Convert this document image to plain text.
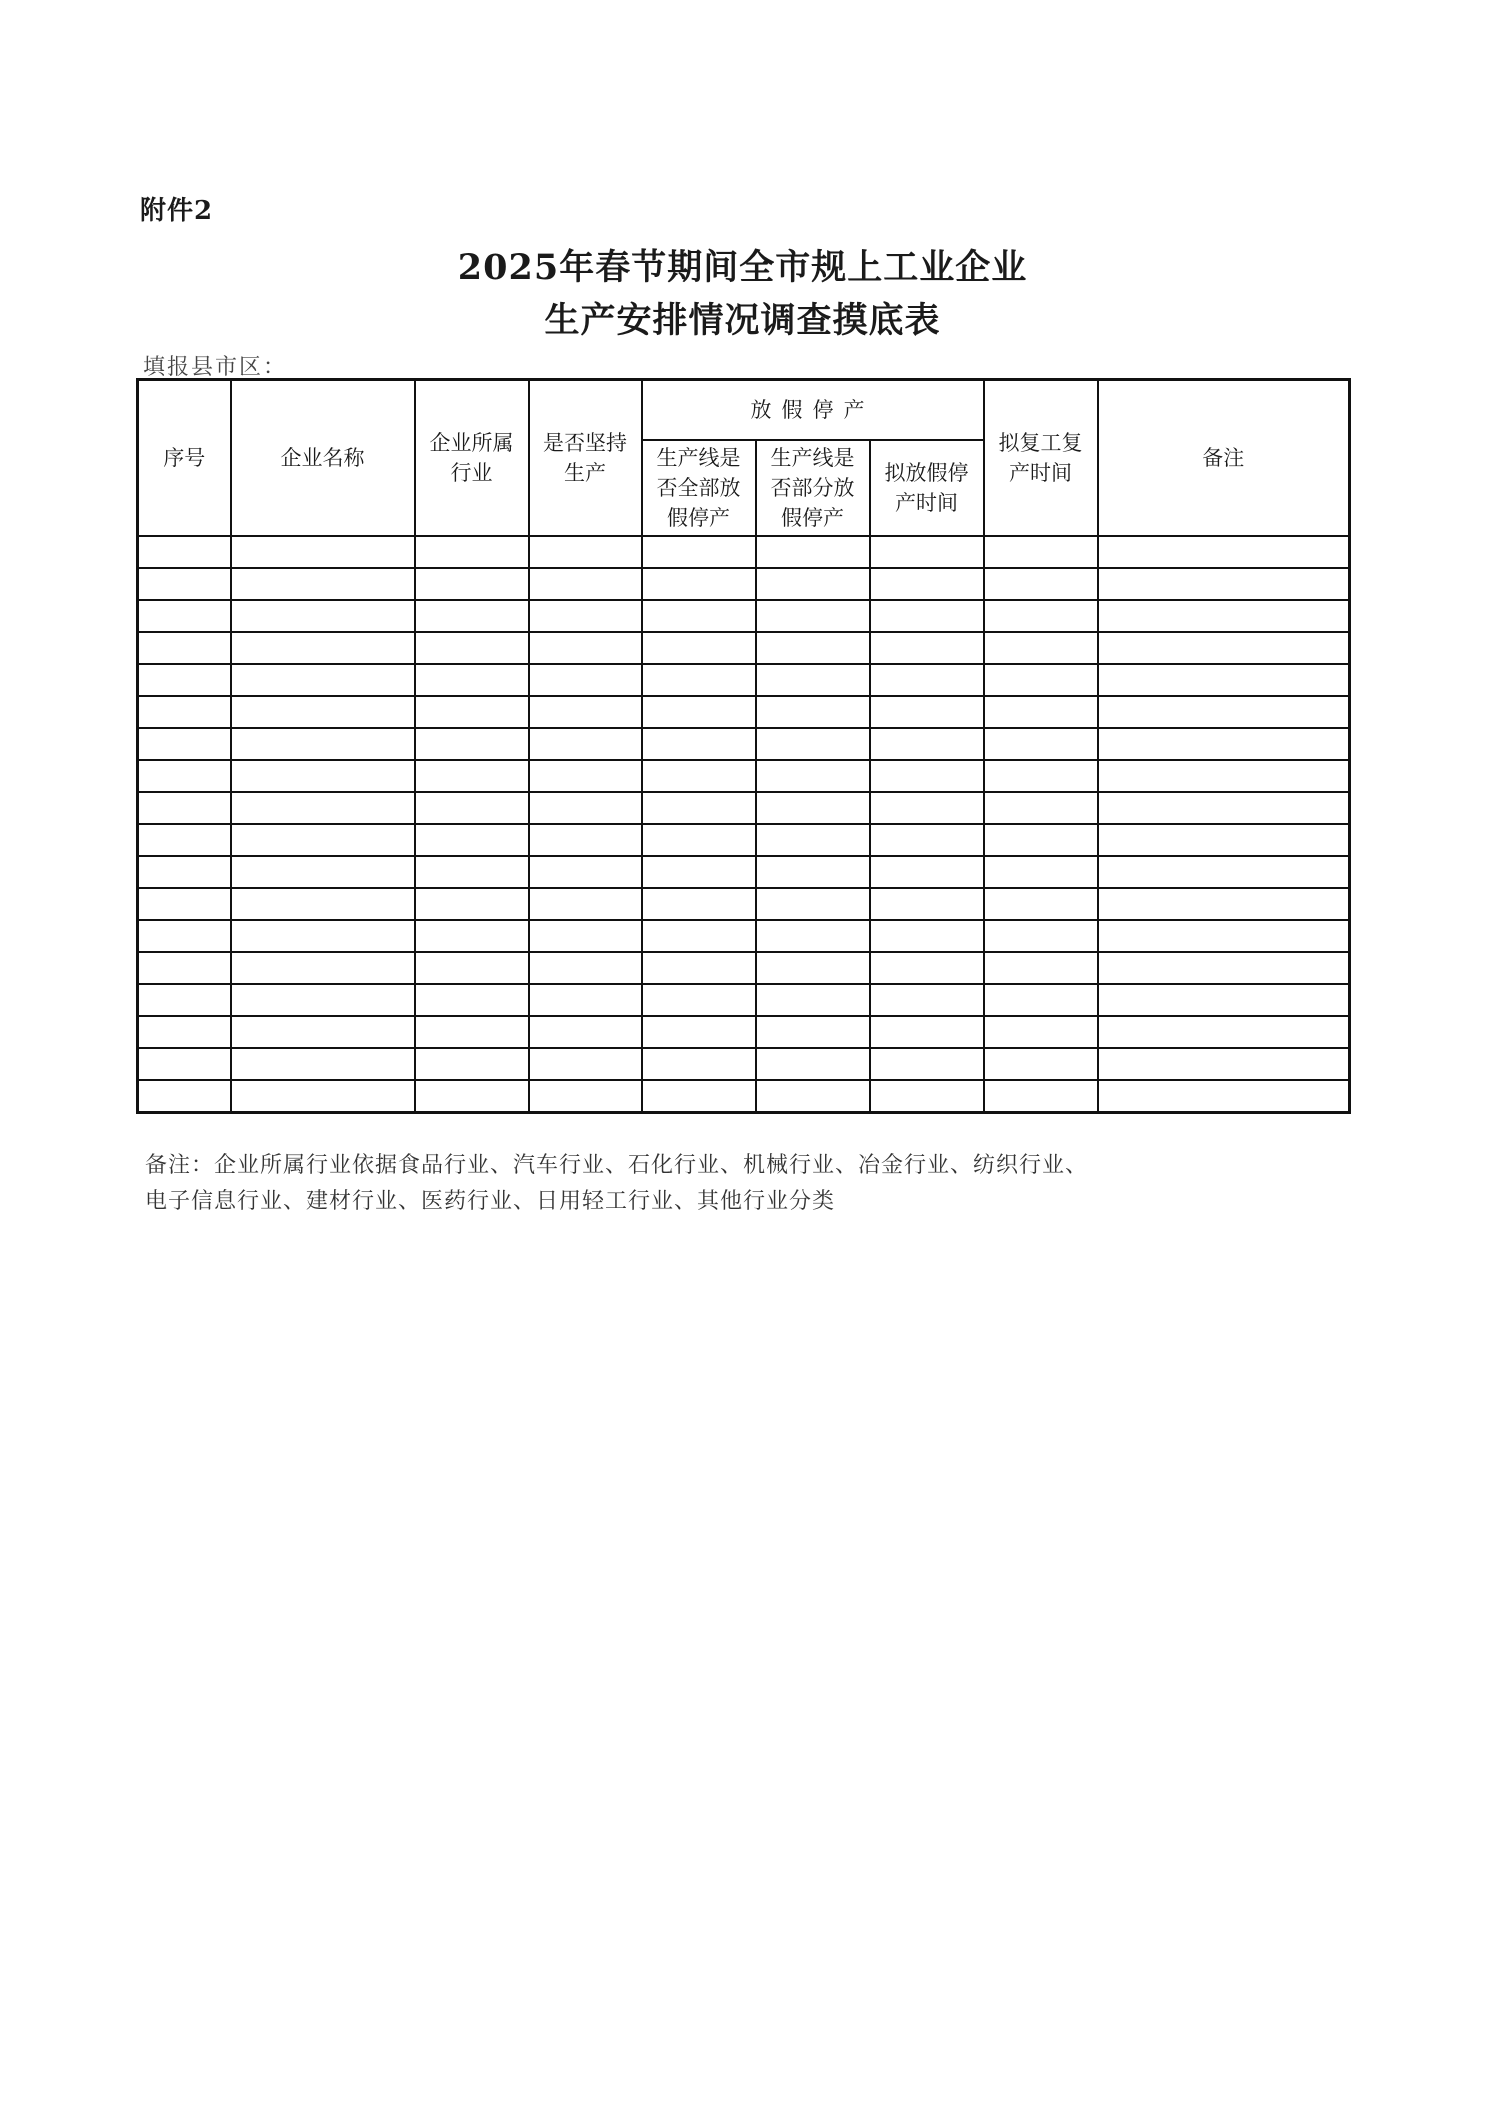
附件2
2025年春节期间全市规上工业企业
生产安排情况调查摸底表
填报县市区：
序号	企业名称	企业所属行业	是否坚持生产	放假停产			拟复工复产时间	备注
				生产线是否全部放假停产	生产线是否部分放假停产	拟放假停产时间		

备注：企业所属行业依据食品行业、汽车行业、石化行业、机械行业、冶金行业、纺织行业、
电子信息行业、建材行业、医药行业、日用轻工行业、其他行业分类
